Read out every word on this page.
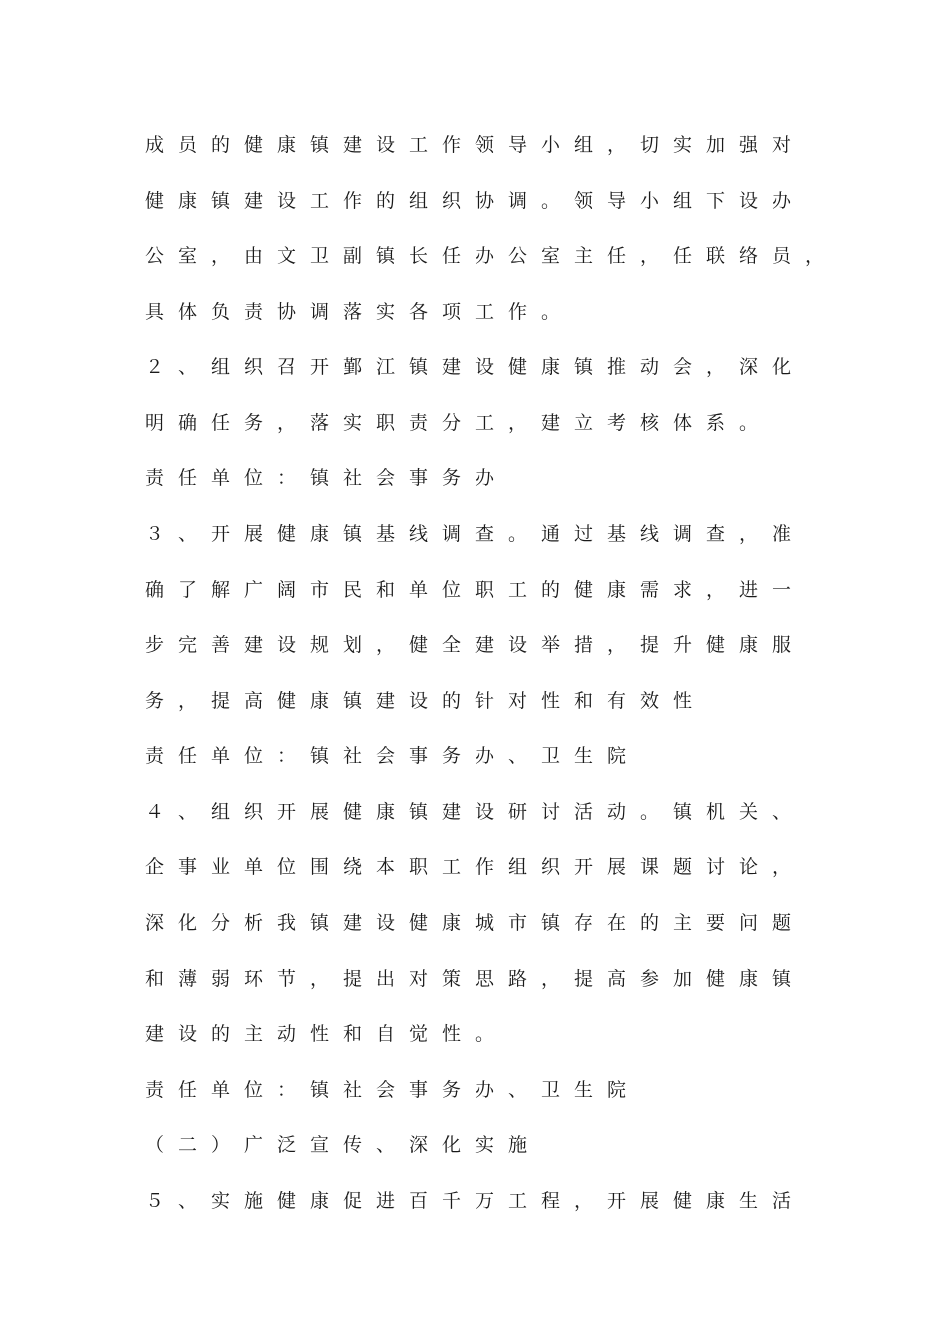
成员的健康镇建设工作领导小组，切实加强对
健康镇建设工作的组织协调。领导小组下设办
公室，由文卫副镇长任办公室主任，任联络员，
具体负责协调落实各项工作。
２、组织召开鄞江镇建设健康镇推动会，深化
明确任务，落实职责分工，建立考核体系。
责任单位：镇社会事务办
３、开展健康镇基线调查。通过基线调查，准
确了解广阔市民和单位职工的健康需求，进一
步完善建设规划，健全建设举措，提升健康服
务，提高健康镇建设的针对性和有效性
责任单位：镇社会事务办、卫生院
４、组织开展健康镇建设研讨活动。镇机关、
企事业单位围绕本职工作组织开展课题讨论，
深化分析我镇建设健康城市镇存在的主要问题
和薄弱环节，提出对策思路，提高参加健康镇
建设的主动性和自觉性。
责任单位：镇社会事务办、卫生院
（二）广泛宣传、深化实施
５、实施健康促进百千万工程，开展健康生活
